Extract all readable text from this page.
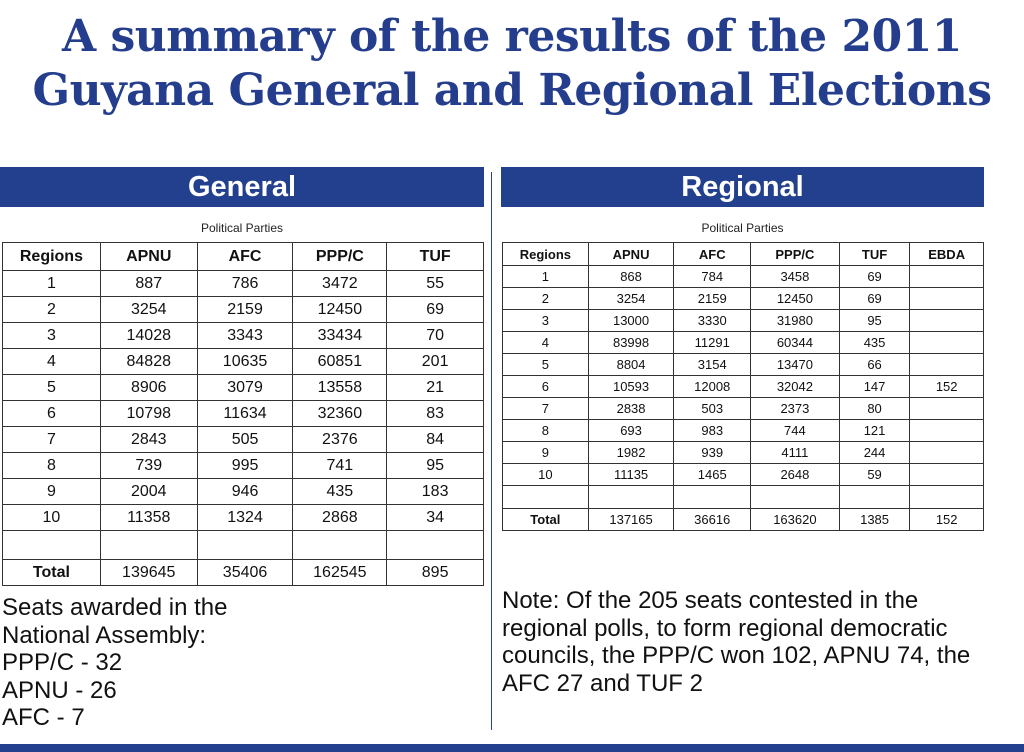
A summary of the results of the 2011
Guyana General and Regional Elections
General	Regional
Political Parties	Political Parties
Regions	APNU	AFC	PPP/C	TUF
1	887	786	3472	55
2	3254	2159	12450	69
3	14028	3343	33434	70
4	84828	10635	60851	201
5	8906	3079	13558	21
6	10798	11634	32360	83
7	2843	505	2376	84
8	739	995	741	95
9	2004	946	435	183
10	11358	1324	2868	34

Total	139645	35406	162545	895
Regions	APNU	AFC	PPP/C	TUF	EBDA
1	868	784	3458	69	
2	3254	2159	12450	69	
3	13000	3330	31980	95	
4	83998	11291	60344	435	
5	8804	3154	13470	66	
6	10593	12008	32042	147	152
7	2838	503	2373	80	
8	693	983	744	121	
9	1982	939	4111	244	
10	11135	1465	2648	59	

Total	137165	36616	163620	1385	152
Seats awarded in the
National Assembly:
PPP/C - 32
APNU - 26
AFC - 7
Note: Of the 205 seats contested in the regional polls, to form regional democratic councils, the PPP/C won 102, APNU 74, the AFC 27 and TUF 2
